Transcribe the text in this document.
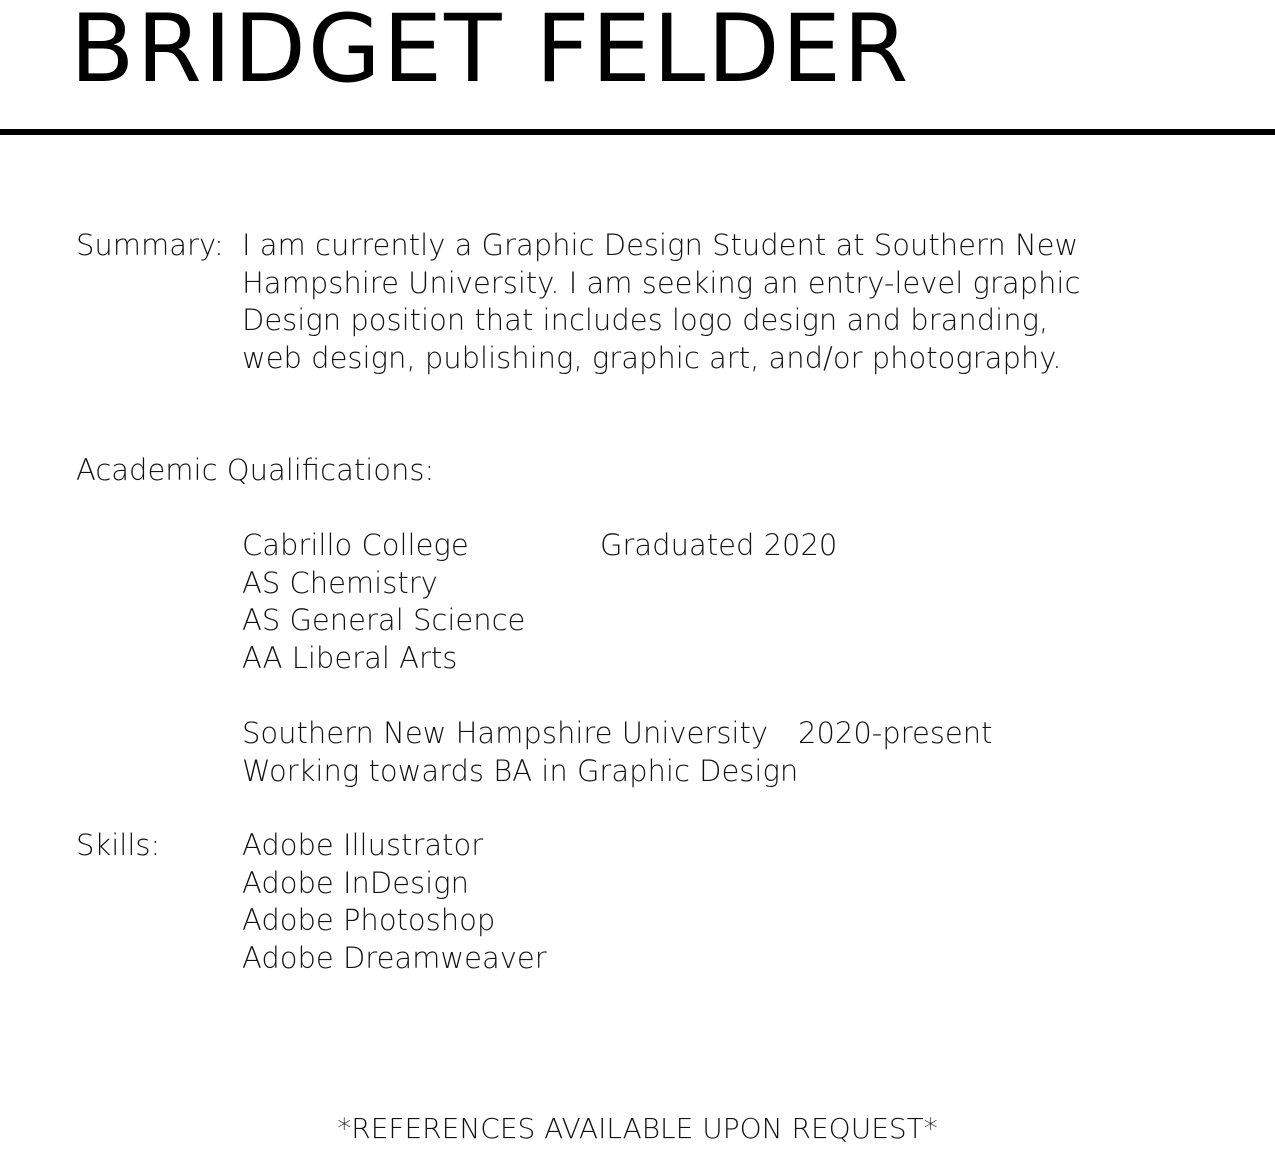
BRIDGET FELDER
Summary: I am currently a Graphic Design Student at Southern New
Hampshire University. I am seeking an entry-level graphic
Design position that includes logo design and branding,
web design, publishing, graphic art, and/or photography.
Academic Qualifications:
Cabrillo College	Graduated 2020
AS Chemistry
AS General Science
AA Liberal Arts
Southern New Hampshire University 2020-present
Working towards BA in Graphic Design
Skills:	Adobe Illustrator
Adobe InDesign
Adobe Photoshop
Adobe Dreamweaver
*REFERENCES AVAILABLE UPON REQUEST*
